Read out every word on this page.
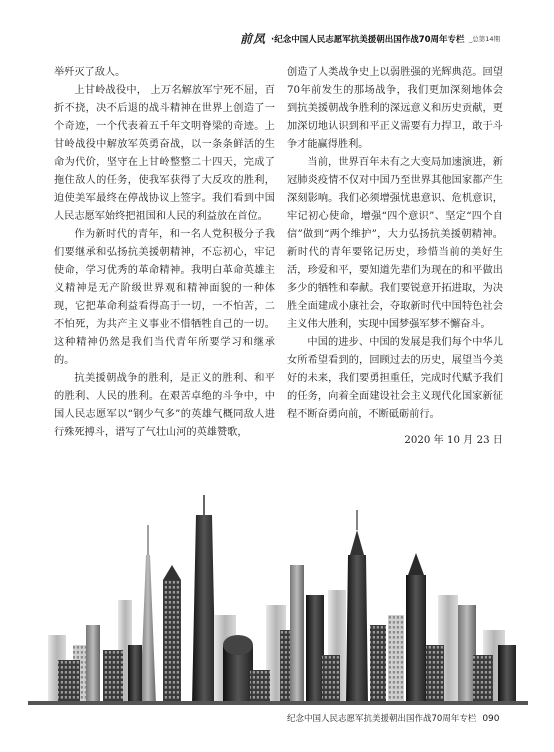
前凤 ·纪念中国人民志愿军抗美援朝出国作战70周年专栏 _总第14期

举歼灭了敌人。

上甘岭战役中， 上万名解放军宁死不屈，百折不挠，决不后退的战斗精神在世界上创造了一个奇迹，一个代表着五千年文明脊梁的奇迹。上甘岭战役中解放军英勇奋战，以一条条鲜活的生命为代价，坚守在上甘岭整整二十四天，完成了拖住敌人的任务，使我军获得了大反攻的胜利，迫使美军最终在停战协议上签字。我们看到中国人民志愿军始终把祖国和人民的利益放在首位。

作为新时代的青年，和一名人党积极分子我们要继承和弘扬抗美援朝精神，不忘初心，牢记使命，学习优秀的革命精神。我明白革命英雄主义精神是无产阶级世界观和精神面貌的一种体现，它把革命利益看得高于一切，一不怕苦，二不怕死，为共产主义事业不惜牺牲自己的一切。这种精神仍然是我们当代青年所要学习和继承的。

抗美援朝战争的胜利，是正义的胜利、和平的胜利、人民的胜利。在艰苦卓绝的斗争中，中国人民志愿军以“钢少气多”的英雄气概同敌人进行殊死搏斗，谱写了气壮山河的英雄赞歌，

创造了人类战争史上以弱胜强的光辉典范。回望70年前发生的那场战争，我们更加深刻地体会到抗美援朝战争胜利的深远意义和历史贡献，更加深切地认识到和平正义需要有力捍卫，敢于斗争才能赢得胜利。

当前，世界百年未有之大变局加速演进，新冠肺炎疫情不仅对中国乃至世界其他国家都产生深刻影响。我们必须增强忧患意识、危机意识，牢记初心使命，增强“四个意识”、坚定“四个自信”做到“两个维护”，大力弘扬抗美援朝精神。新时代的青年要铭记历史，珍惜当前的美好生活，珍爱和平，要知道先辈们为现在的和平做出多少的牺牲和奉献。我们要锐意开拓进取，为决胜全面建成小康社会，夺取新时代中国特色社会主义伟大胜利，实现中国梦强军梦不懈奋斗。

中国的进步、中国的发展是我们每个中华儿女所希望看到的，回顾过去的历史，展望当今美好的未来，我们要勇担重任，完成时代赋予我们的任务，向着全面建设社会主义现代化国家新征程不断奋勇向前，不断砥砺前行。

2020 年 10 月 23 日

纪念中国人民志愿军抗美援朝出国作战70周年专栏 090
